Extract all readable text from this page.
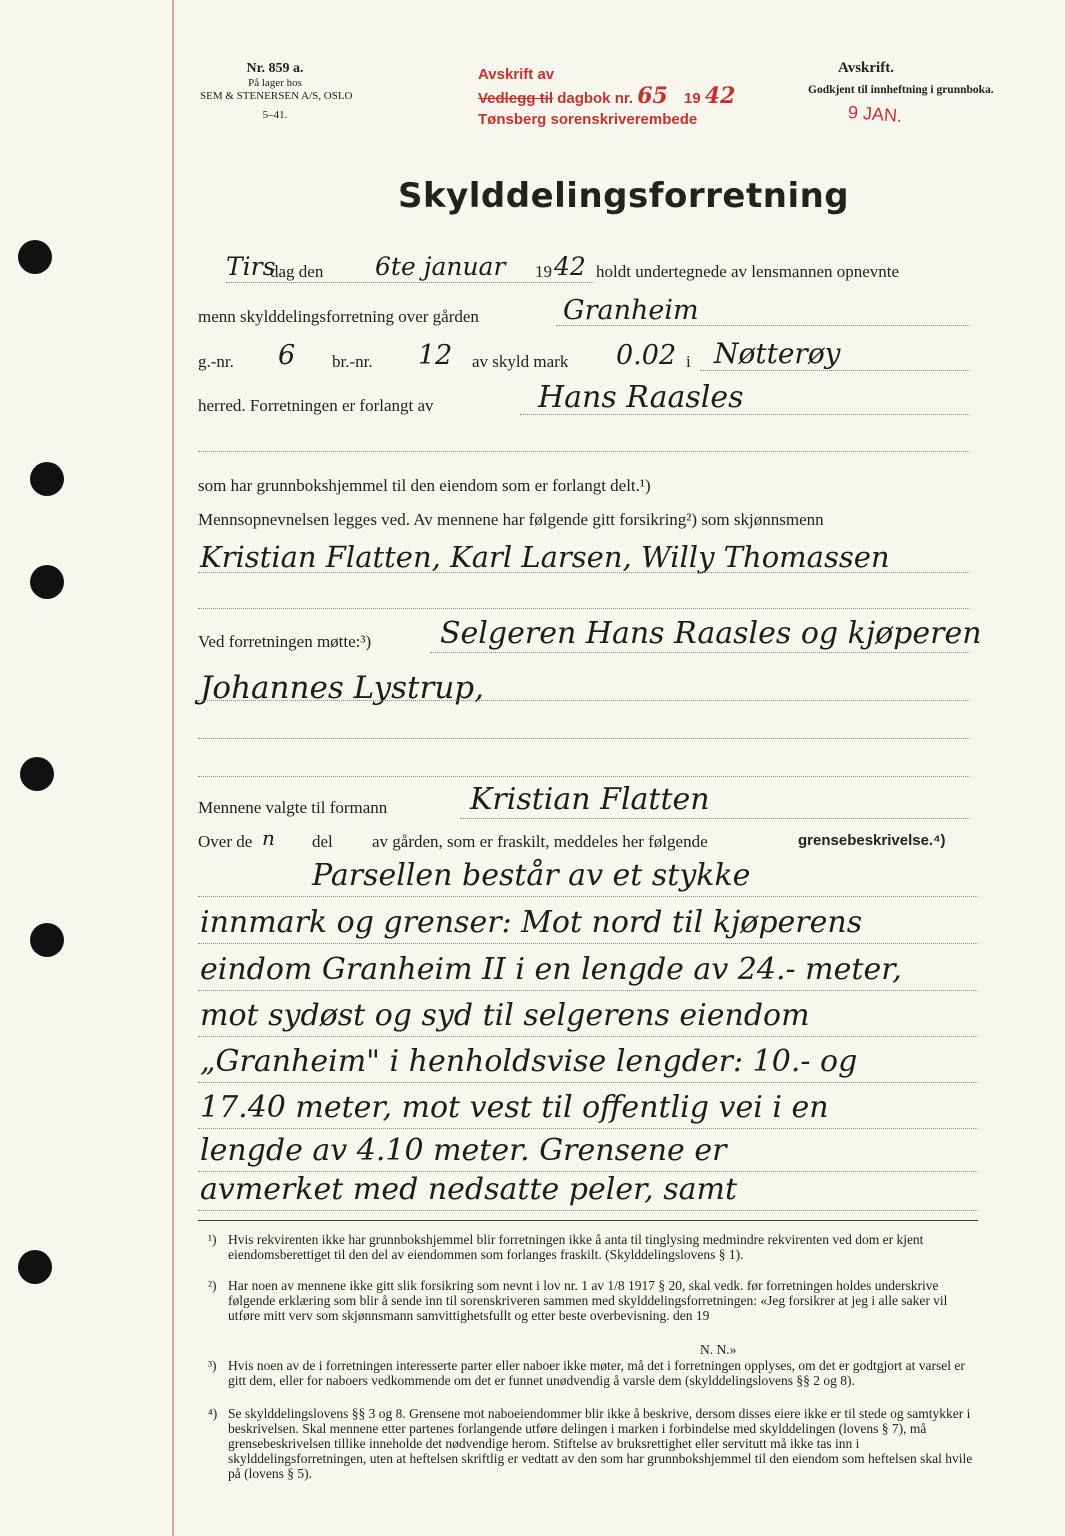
Nr. 859 a.
På lager hos
SEM & STENERSEN A/S, OSLO
5–41.
Avskrift av
Vedlegg til dagbok nr. 65 19 42
Tønsberg sorenskriverembede	9 JAN.
Avskrift.
Godkjent til innheftning i grunnboka.
Skylddelingsforretning
Tirs
dag den 6te januar 19 42 holdt undertegnede av lensmannen opnevnte
menn skylddelingsforretning over gården	Granheim
g.-nr. 6 br.-nr. 12 av skyld mark 0.02 i Nøtterøy
herred. Forretningen er forlangt av	Hans Raasles
som har grunnbokshjemmel til den eiendom som er forlangt delt.¹)
Mennsopnevnelsen legges ved. Av mennene har følgende gitt forsikring²) som skjønnsmenn
Kristian Flatten, Karl Larsen, Willy Thomassen
Ved forretningen møtte:³) Selgeren Hans Raasles og kjøperen
Johannes Lystrup,
Mennene valgte til formann	Kristian Flatten
Over de n del av gården, som er fraskilt, meddeles her følgende	grensebeskrivelse.⁴)
Parsellen består av et stykke
innmark og grenser: Mot nord til kjøperens
eindom Granheim II i en lengde av 24.- meter,
mot sydøst og syd til selgerens eiendom
„Granheim" i henholdsvise lengder: 10.- og
17.40 meter, mot vest til offentlig vei i en
lengde av 4.10 meter. Grensene er
avmerket med nedsatte peler, samt
¹) Hvis rekvirenten ikke har grunnbokshjemmel blir forretningen ikke å anta til tinglysing medmindre rekvirenten ved dom er kjent eiendomsberettiget til den del av eiendommen som forlanges fraskilt. (Skylddelingslovens § 1).
²) Har noen av mennene ikke gitt slik forsikring som nevnt i lov nr. 1 av 1/8 1917 § 20, skal vedk. før forretningen holdes underskrive følgende erklæring som blir å sende inn til sorenskriveren sammen med skylddelingsforretningen: «Jeg forsikrer at jeg i alle saker vil utføre mitt verv som skjønnsmann samvittighetsfullt og etter beste overbevisning. den 19
N. N.»
³) Hvis noen av de i forretningen interesserte parter eller naboer ikke møter, må det i forretningen opplyses, om det er godtgjort at varsel er gitt dem, eller for naboers vedkommende om det er funnet unødvendig å varsle dem (skylddelingslovens §§ 2 og 8).
⁴) Se skylddelingslovens §§ 3 og 8. Grensene mot naboeiendommer blir ikke å beskrive, dersom disses eiere ikke er til stede og samtykker i beskrivelsen. Skal mennene etter partenes forlangende utføre delingen i marken i forbindelse med skylddelingen (lovens § 7), må grensebeskrivelsen tillike inneholde det nødvendige herom. Stiftelse av bruksrettighet eller servitutt må ikke tas inn i skylddelingsforretningen, uten at heftelsen skriftlig er vedtatt av den som har grunnbokshjemmel til den eiendom som heftelsen skal hvile på (lovens § 5).
